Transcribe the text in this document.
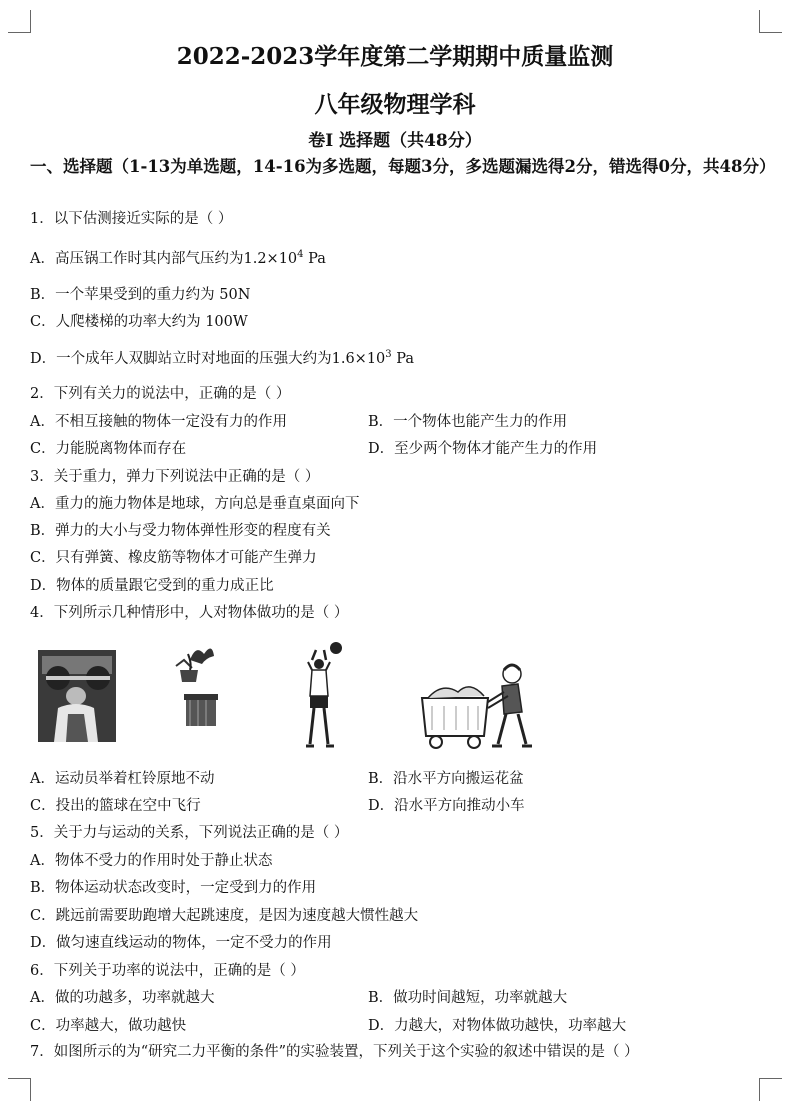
2022-2023学年度第二学期期中质量监测
八年级物理学科
卷Ⅰ 选择题（共48分）
一、选择题（1-13为单选题，14-16为多选题，每题3分，多选题漏选得2分，错选得0分，共48分）
1．以下估测接近实际的是（ ）
A．高压锅工作时其内部气压约为$1.2\times 10^4$ Pa
B．一个苹果受到的重力约为 50N
C．人爬楼梯的功率大约为 100W
D．一个成年人双脚站立时对地面的压强大约为$1.6\times 10^3$ Pa
2．下列有关力的说法中，正确的是（ ）
A．不相互接触的物体一定没有力的作用	B．一个物体也能产生力的作用
C．力能脱离物体而存在	D．至少两个物体才能产生力的作用
3．关于重力，弹力下列说法中正确的是（ ）
A．重力的施力物体是地球，方向总是垂直桌面向下
B．弹力的大小与受力物体弹性形变的程度有关
C．只有弹簧、橡皮筋等物体才可能产生弹力
D．物体的质量跟它受到的重力成正比
4．下列所示几种情形中，人对物体做功的是（ ）
A．运动员举着杠铃原地不动	B．沿水平方向搬运花盆
C．投出的篮球在空中飞行	D．沿水平方向推动小车
5．关于力与运动的关系，下列说法正确的是（ ）
A．物体不受力的作用时处于静止状态
B．物体运动状态改变时，一定受到力的作用
C．跳远前需要助跑增大起跳速度，是因为速度越大惯性越大
D．做匀速直线运动的物体，一定不受力的作用
6．下列关于功率的说法中，正确的是（ ）
A．做的功越多，功率就越大	B．做功时间越短，功率就越大
C．功率越大，做功越快	D．力越大，对物体做功越快，功率越大
7．如图所示的为“研究二力平衡的条件”的实验装置，下列关于这个实验的叙述中错误的是（ ）
